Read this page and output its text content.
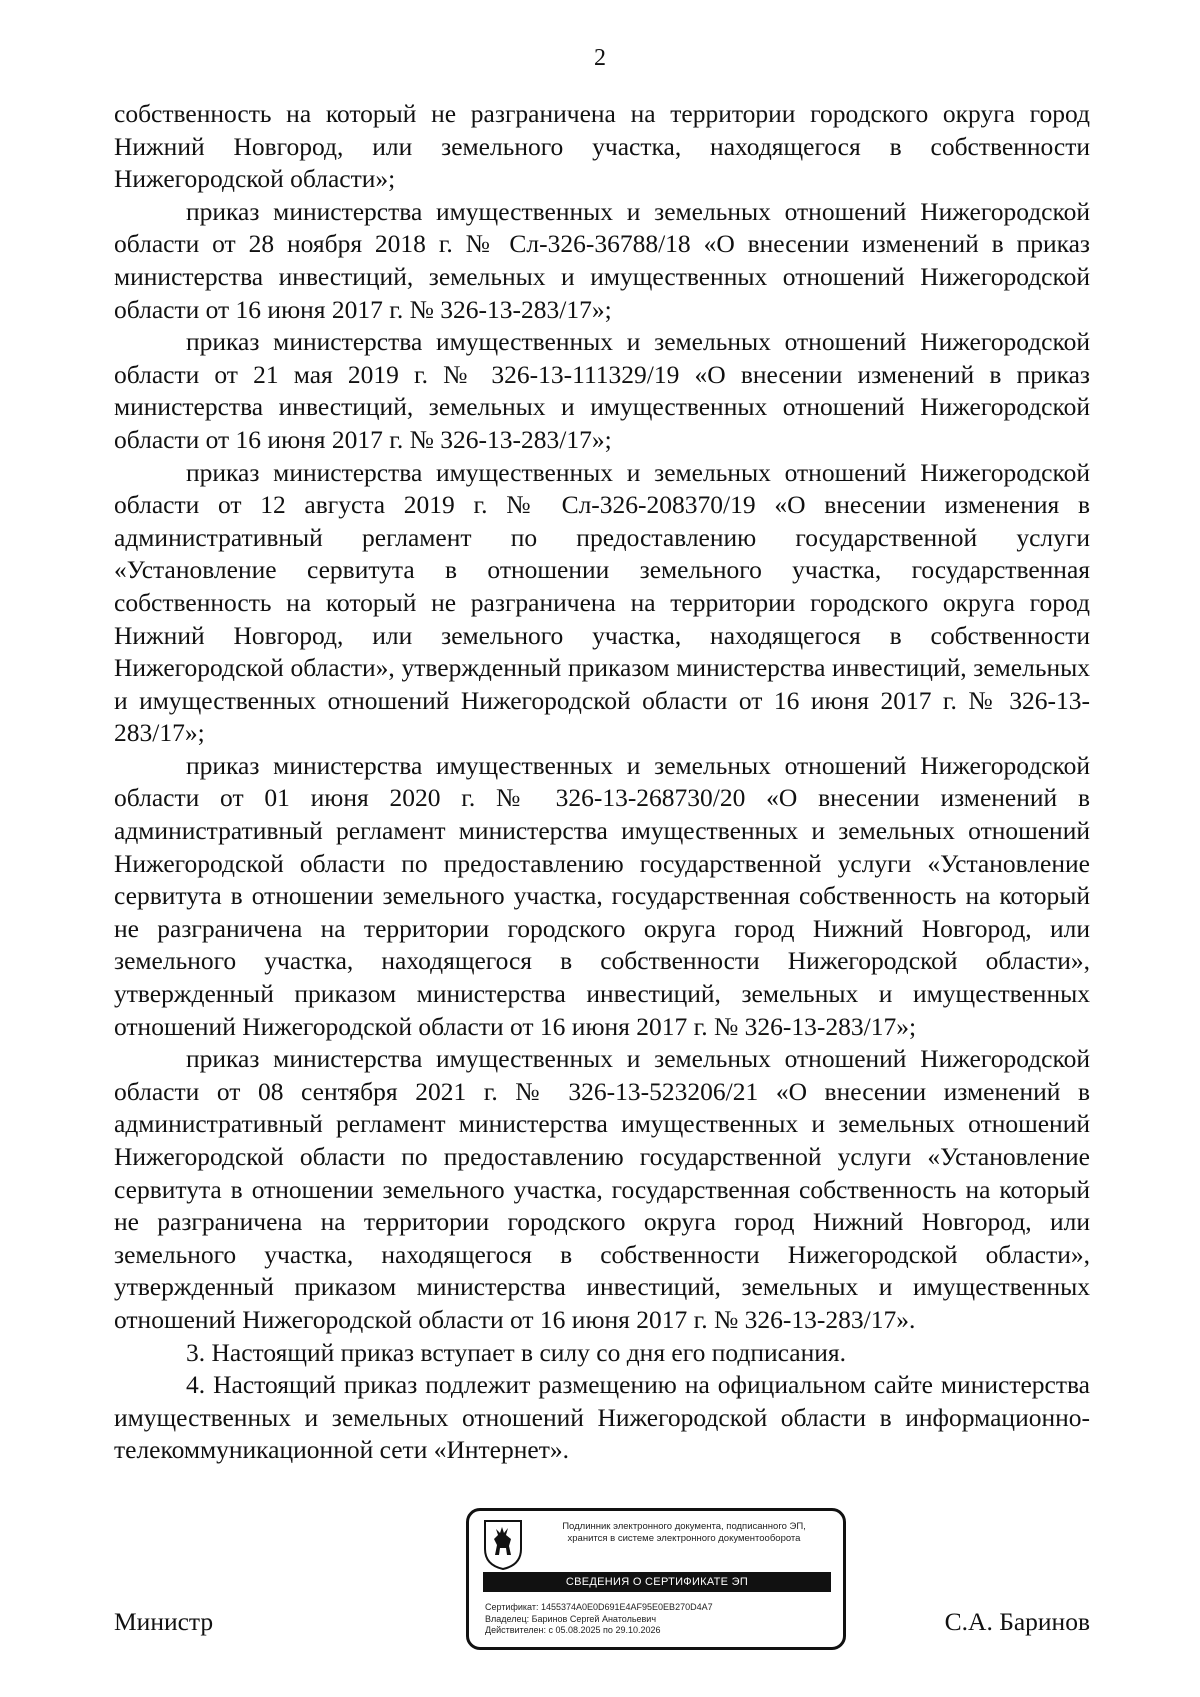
2

собственность на который не разграничена на территории городского округа город Нижний Новгород, или земельного участка, находящегося в собственности Нижегородской области»;

приказ министерства имущественных и земельных отношений Нижегородской области от 28 ноября 2018 г. № Сл-326-36788/18 «О внесении изменений в приказ министерства инвестиций, земельных и имущественных отношений Нижегородской области от 16 июня 2017 г. № 326-13-283/17»;

приказ министерства имущественных и земельных отношений Нижегородской области от 21 мая 2019 г. № 326-13-111329/19 «О внесении изменений в приказ министерства инвестиций, земельных и имущественных отношений Нижегородской области от 16 июня 2017 г. № 326-13-283/17»;

приказ министерства имущественных и земельных отношений Нижегородской области от 12 августа 2019 г. № Сл-326-208370/19 «О внесении изменения в административный регламент по предоставлению государственной услуги «Установление сервитута в отношении земельного участка, государственная собственность на который не разграничена на территории городского округа город Нижний Новгород, или земельного участка, находящегося в собственности Нижегородской области», утвержденный приказом министерства инвестиций, земельных и имущественных отношений Нижегородской области от 16 июня 2017 г. № 326-13-283/17»;

приказ министерства имущественных и земельных отношений Нижегородской области от 01 июня 2020 г. № 326-13-268730/20 «О внесении изменений в административный регламент министерства имущественных и земельных отношений Нижегородской области по предоставлению государственной услуги «Установление сервитута в отношении земельного участка, государственная собственность на который не разграничена на территории городского округа город Нижний Новгород, или земельного участка, находящегося в собственности Нижегородской области», утвержденный приказом министерства инвестиций, земельных и имущественных отношений Нижегородской области от 16 июня 2017 г. № 326-13-283/17»;

приказ министерства имущественных и земельных отношений Нижегородской области от 08 сентября 2021 г. № 326-13-523206/21 «О внесении изменений в административный регламент министерства имущественных и земельных отношений Нижегородской области по предоставлению государственной услуги «Установление сервитута в отношении земельного участка, государственная собственность на который не разграничена на территории городского округа город Нижний Новгород, или земельного участка, находящегося в собственности Нижегородской области», утвержденный приказом министерства инвестиций, земельных и имущественных отношений Нижегородской области от 16 июня 2017 г. № 326-13-283/17».

3. Настоящий приказ вступает в силу со дня его подписания.

4. Настоящий приказ подлежит размещению на официальном сайте министерства имущественных и земельных отношений Нижегородской области в информационно-телекоммуникационной сети «Интернет».

Министр	С.А. Баринов
Подлинник электронного документа, подписанного ЭП,
хранится в системе электронного документооборота
СВЕДЕНИЯ О СЕРТИФИКАТЕ ЭП
Сертификат: 1455374A0E0D691E4AF95E0EB270D4A7
Владелец: Баринов Сергей Анатольевич
Действителен: с 05.08.2025 по 29.10.2026
